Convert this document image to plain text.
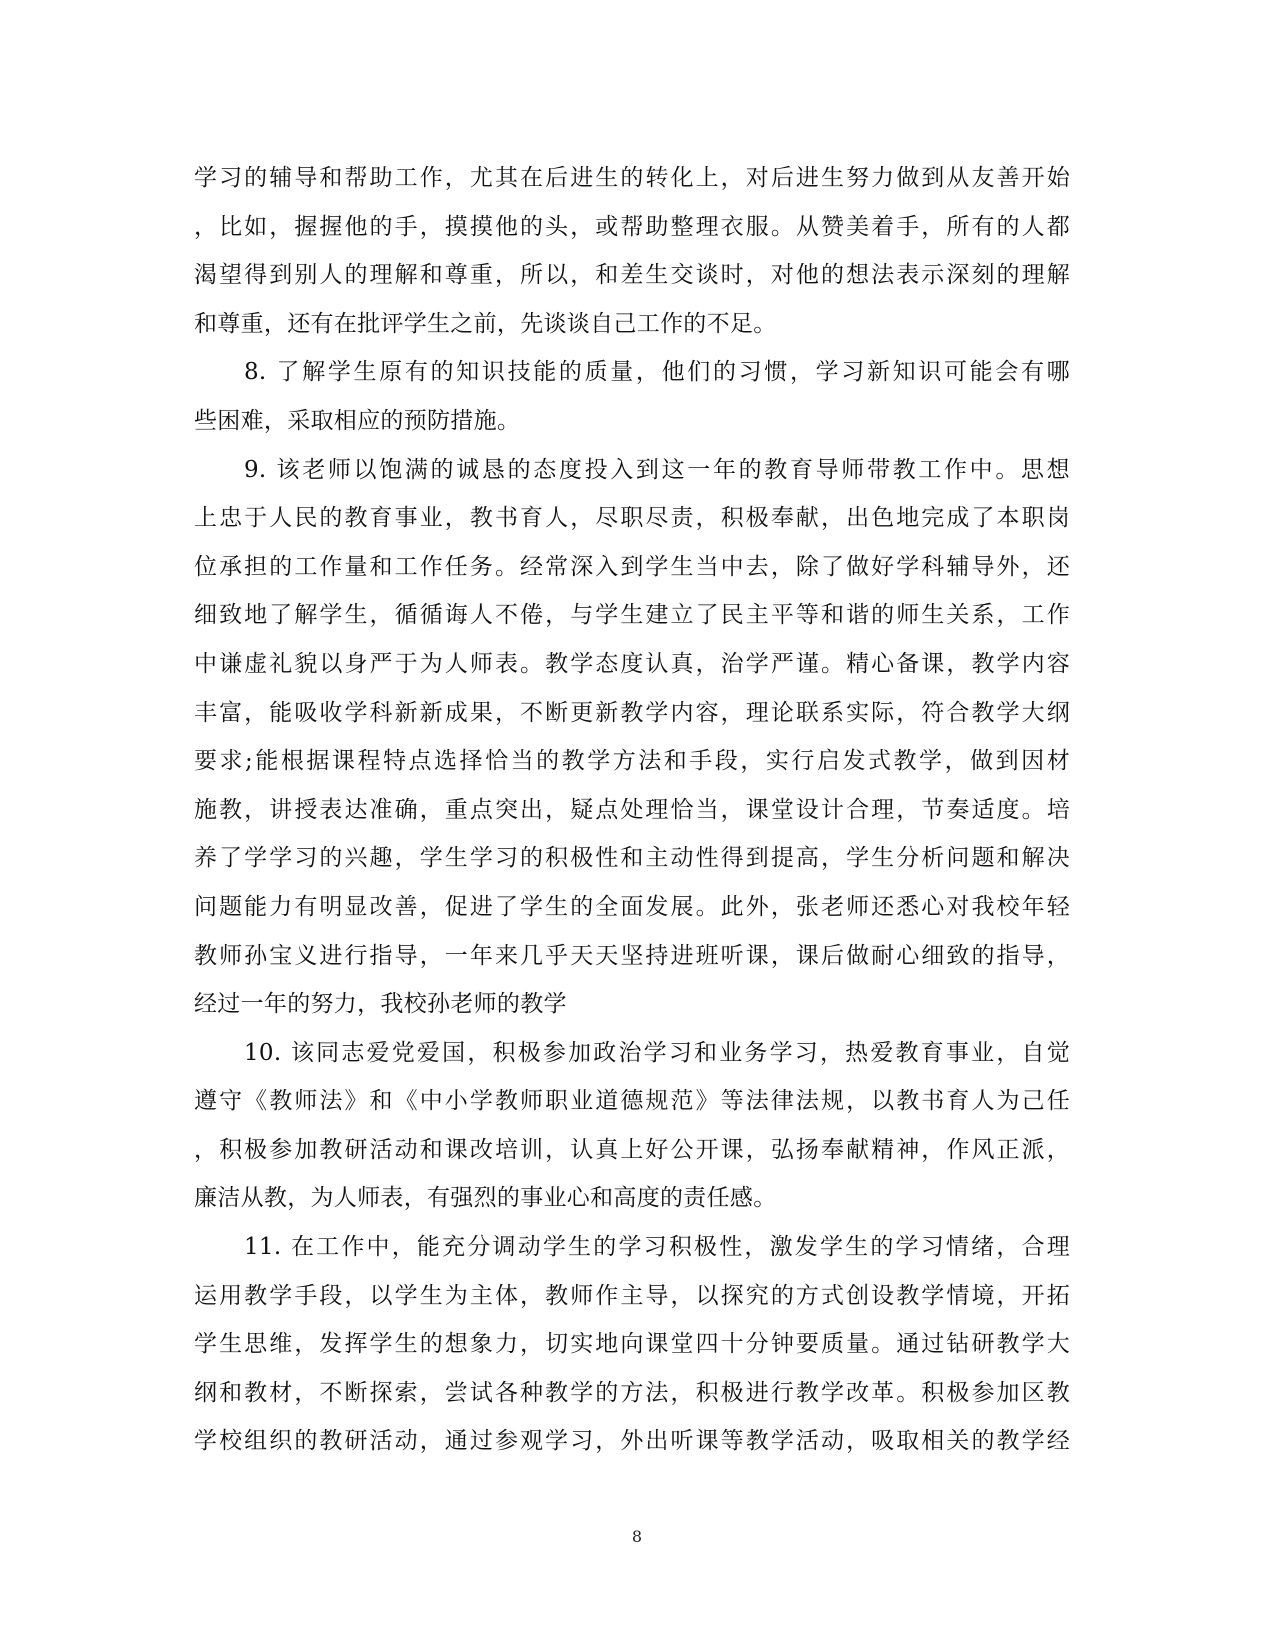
学习的辅导和帮助工作，尤其在后进生的转化上，对后进生努力做到从友善开始
，比如，握握他的手，摸摸他的头，或帮助整理衣服。从赞美着手，所有的人都
渴望得到别人的理解和尊重，所以，和差生交谈时，对他的想法表示深刻的理解
和尊重，还有在批评学生之前，先谈谈自己工作的不足。
8. 了解学生原有的知识技能的质量，他们的习惯，学习新知识可能会有哪
些困难，采取相应的预防措施。
9. 该老师以饱满的诚恳的态度投入到这一年的教育导师带教工作中。思想
上忠于人民的教育事业，教书育人，尽职尽责，积极奉献，出色地完成了本职岗
位承担的工作量和工作任务。经常深入到学生当中去，除了做好学科辅导外，还
细致地了解学生，循循诲人不倦，与学生建立了民主平等和谐的师生关系，工作
中谦虚礼貌以身严于为人师表。教学态度认真，治学严谨。精心备课，教学内容
丰富，能吸收学科新新成果，不断更新教学内容，理论联系实际，符合教学大纲
要求;能根据课程特点选择恰当的教学方法和手段，实行启发式教学，做到因材
施教，讲授表达准确，重点突出，疑点处理恰当，课堂设计合理，节奏适度。培
养了学学习的兴趣，学生学习的积极性和主动性得到提高，学生分析问题和解决
问题能力有明显改善，促进了学生的全面发展。此外，张老师还悉心对我校年轻
教师孙宝义进行指导，一年来几乎天天坚持进班听课，课后做耐心细致的指导，
经过一年的努力，我校孙老师的教学
10. 该同志爱党爱国，积极参加政治学习和业务学习，热爱教育事业，自觉
遵守《教师法》和《中小学教师职业道德规范》等法律法规，以教书育人为己任
，积极参加教研活动和课改培训，认真上好公开课，弘扬奉献精神，作风正派，
廉洁从教，为人师表，有强烈的事业心和高度的责任感。
11. 在工作中，能充分调动学生的学习积极性，激发学生的学习情绪，合理
运用教学手段，以学生为主体，教师作主导，以探究的方式创设教学情境，开拓
学生思维，发挥学生的想象力，切实地向课堂四十分钟要质量。通过钻研教学大
纲和教材，不断探索，尝试各种教学的方法，积极进行教学改革。积极参加区教
学校组织的教研活动，通过参观学习，外出听课等教学活动，吸取相关的教学经
8
